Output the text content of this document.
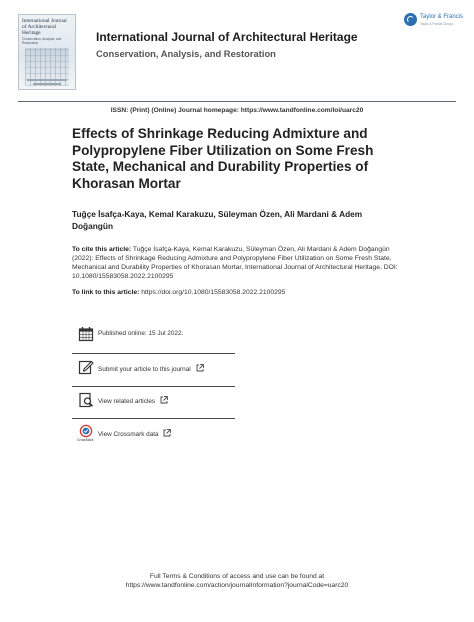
International Journal of Architectural Heritage
Conservation, Analysis, and Restoration	International Journal of Architectural Heritage
Conservation, Analysis, and Restoration
Taylor & Francis
Taylor & Francis Group
ISSN: (Print) (Online) Journal homepage: https://www.tandfonline.com/loi/uarc20
Effects of Shrinkage Reducing Admixture and Polypropylene Fiber Utilization on Some Fresh State, Mechanical and Durability Properties of Khorasan Mortar
Tuğçe İsafça-Kaya, Kemal Karakuzu, Süleyman Özen, Ali Mardani & Adem Doğangün
To cite this article: Tuğçe İsafça-Kaya, Kemal Karakuzu, Süleyman Özen, Ali Mardani & Adem Doğangün (2022): Effects of Shrinkage Reducing Admixture and Polypropylene Fiber Utilization on Some Fresh State, Mechanical and Durability Properties of Khorasan Mortar, International Journal of Architectural Heritage, DOI: 10.1080/15583058.2022.2100295
To link to this article: https://doi.org/10.1080/15583058.2022.2100295
Published online: 15 Jul 2022.
Submit your article to this journal
View related articles
CrossMark
View Crossmark data
Full Terms & Conditions of access and use can be found at
https://www.tandfonline.com/action/journalInformation?journalCode=uarc20
